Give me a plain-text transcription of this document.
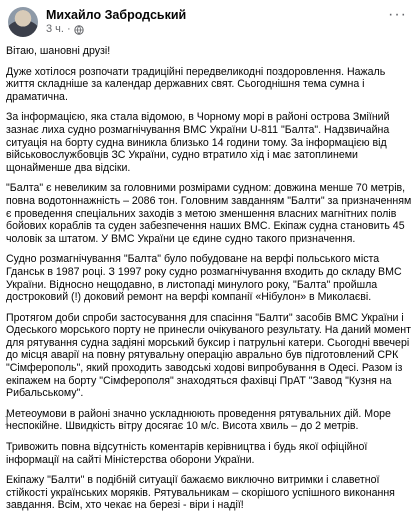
Михайло Забродський
3 ч. ·
···

Вітаю, шановні друзі!

Дуже хотілося розпочати традиційні передвеликодні поздоровлення. Нажаль життя складніше за календар державних свят. Сьогоднішня тема сумна і драматична.

За інформацією, яка стала відомою, в Чорному морі в районі острова Зміїний зазнає лиха судно розмагнічування ВМС України U-811 "Балта". Надзвичайна ситуація на борту судна виникла близько 14 години тому. За інформацією від військовослужбовців ЗС України, судно втратило хід і має затоплинеми щонайменше два відсіки.

"Балта" є невеликим за головними розмірами судном: довжина менше 70 метрів, повна водотоннажність – 2086 тон. Головним завданням "Балти" за призначенням є проведення спеціальних заходів з метою зменшення власних магнітних полів бойових кораблів та суден забезпечення наших ВМС. Екіпаж судна становить 45 чоловік за штатом. У ВМС України це єдине судно такого призначення.

Судно розмагнічування "Балта" було побудоване на верфі польського міста Гданськ в 1987 році. З 1997 року судно розмагнічування входить до складу ВМС України. Відносно нещодавно, в листопаді минулого року, "Балта" пройшла достроковий (!) доковий ремонт на верфі компанії «Нібулон» в Миколаєві.

Протягом доби спроби застосування для спасіння "Балти" засобів ВМС України і Одеського морського порту не принесли очікуваного результату. На даний момент для рятування судна задіяні морський буксир і патрульні катери. Сьогодні ввечері до місця аварії на повну рятувальну операцію аврально був підготовлений СРК "Сімферополь", який проходить заводські ходові випробування в Одесі. Разом із екіпажем на борту "Сімферополя" знаходяться фахівці ПрАТ "Завод "Кузня на Рибальському".

Метеоумови в районі значно ускладнюють проведення рятувальних дій. Море неспокійне. Швидкість вітру досягає 10 м/с. Висота хвиль – до 2 метрів.

Тривожить повна відсутність коментарів керівництва і будь якої офіційної інформації на сайті Міністерства оборони України.

Екіпажу "Балти" в подібній ситуації бажаємо виключно витримки і славетної стійкості українських моряків. Рятувальникам – скорішого успішного виконання завдання. Всім, хто чекає на березі - віри і надії!
